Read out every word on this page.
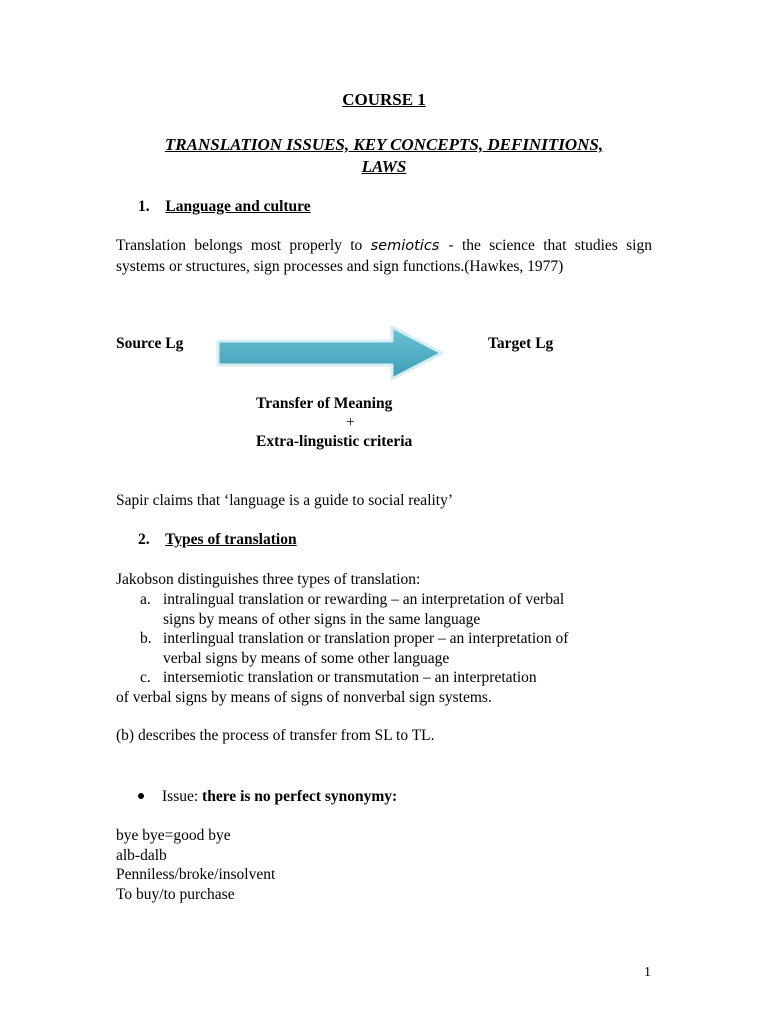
COURSE 1
TRANSLATION ISSUES, KEY CONCEPTS, DEFINITIONS,
LAWS
1. Language and culture
Translation belongs most properly to semiotics - the science that studies sign systems or structures, sign processes and sign functions.(Hawkes, 1977)
Source Lg	Target Lg
Transfer of Meaning
+
Extra-linguistic criteria
Sapir claims that ‘language is a guide to social reality’
2. Types of translation
Jakobson distinguishes three types of translation:
a. intralingual translation or rewarding – an interpretation of verbal
signs by means of other signs in the same language
b. interlingual translation or translation proper – an interpretation of
verbal signs by means of some other language
c. intersemiotic translation or transmutation – an interpretation
of verbal signs by means of signs of nonverbal sign systems.
(b) describes the process of transfer from SL to TL.
Issue: there is no perfect synonymy:
bye bye=good bye
alb-dalb
Penniless/broke/insolvent
To buy/to purchase
1
